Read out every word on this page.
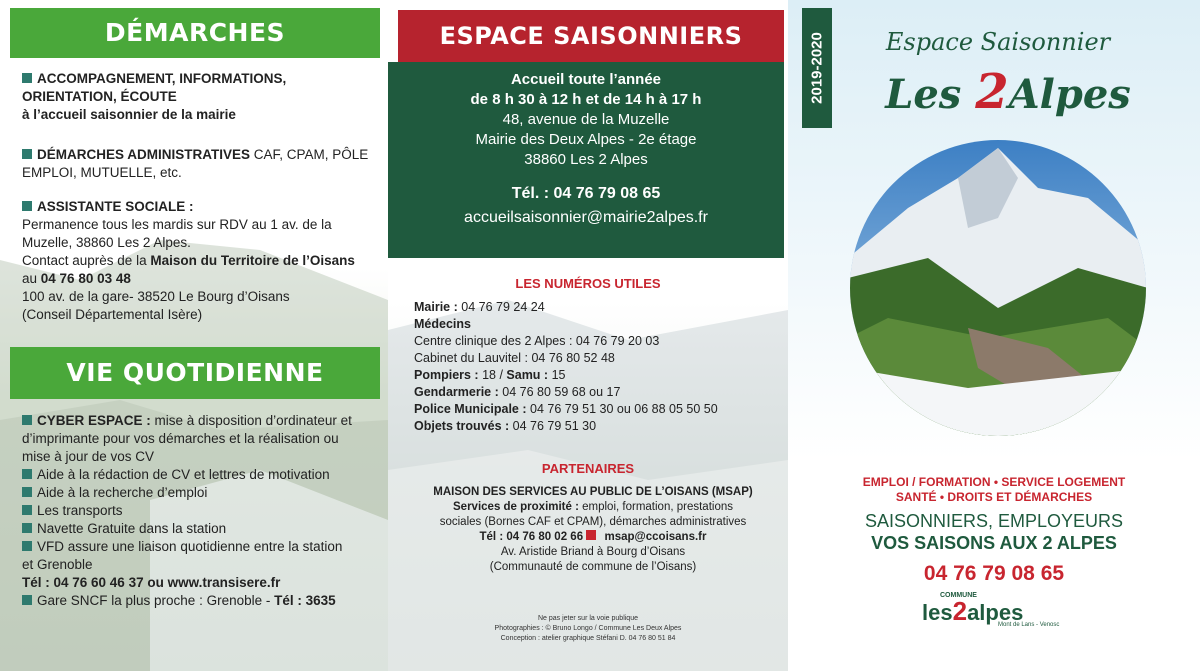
DÉMARCHES
ACCOMPAGNEMENT, INFORMATIONS,
ORIENTATION, ÉCOUTE
à l’accueil saisonnier de la mairie
DÉMARCHES ADMINISTRATIVES CAF, CPAM, PÔLE
EMPLOI, MUTUELLE, etc.
ASSISTANTE SOCIALE :
Permanence tous les mardis sur RDV au 1 av. de la
Muzelle, 38860 Les 2 Alpes.
Contact auprès de la Maison du Territoire de l’Oisans
au 04 76 80 03 48
100 av. de la gare- 38520 Le Bourg d’Oisans
(Conseil Départemental Isère)
VIE QUOTIDIENNE
CYBER ESPACE : mise à disposition d’ordinateur et
d’imprimante pour vos démarches et la réalisation ou
mise à jour de vos CV
Aide à la rédaction de CV et lettres de motivation
Aide à la recherche d’emploi
Les transports
Navette Gratuite dans la station
VFD assure une liaison quotidienne entre la station
et Grenoble
Tél : 04 76 60 46 37 ou www.transisere.fr
Gare SNCF la plus proche : Grenoble - Tél : 3635
ESPACE SAISONNIERS
Accueil toute l’année
de 8 h 30 à 12 h et de 14 h à 17 h
48, avenue de la Muzelle
Mairie des Deux Alpes - 2e étage
38860 Les 2 Alpes
Tél. : 04 76 79 08 65
accueilsaisonnier@mairie2alpes.fr
LES NUMÉROS UTILES
Mairie : 04 76 79 24 24
Médecins
Centre clinique des 2 Alpes : 04 76 79 20 03
Cabinet du Lauvitel : 04 76 80 52 48
Pompiers : 18 / Samu : 15
Gendarmerie : 04 76 80 59 68 ou 17
Police Municipale : 04 76 79 51 30 ou 06 88 05 50 50
Objets trouvés : 04 76 79 51 30
PARTENAIRES
MAISON DES SERVICES AU PUBLIC DE L’OISANS (MSAP)
Services de proximité : emploi, formation, prestations
sociales (Bornes CAF et CPAM), démarches administratives
Tél : 04 76 80 02 66  msap@ccoisans.fr
Av. Aristide Briand à Bourg d’Oisans
(Communauté de commune de l’Oisans)
Ne pas jeter sur la voie publique
Photographies : © Bruno Longo / Commune Les Deux Alpes
Conception : atelier graphique Stéfani D. 04 76 80 51 84
2019-2020	Espace Saisonnier
Les 2Alpes
EMPLOI / FORMATION • SERVICE LOGEMENT
SANTÉ • DROITS ET DÉMARCHES
SAISONNIERS, EMPLOYEURS
VOS SAISONS AUX 2 ALPES
04 76 79 08 65
COMMUNE
les2alpes
Mont de Lans - Venosc
